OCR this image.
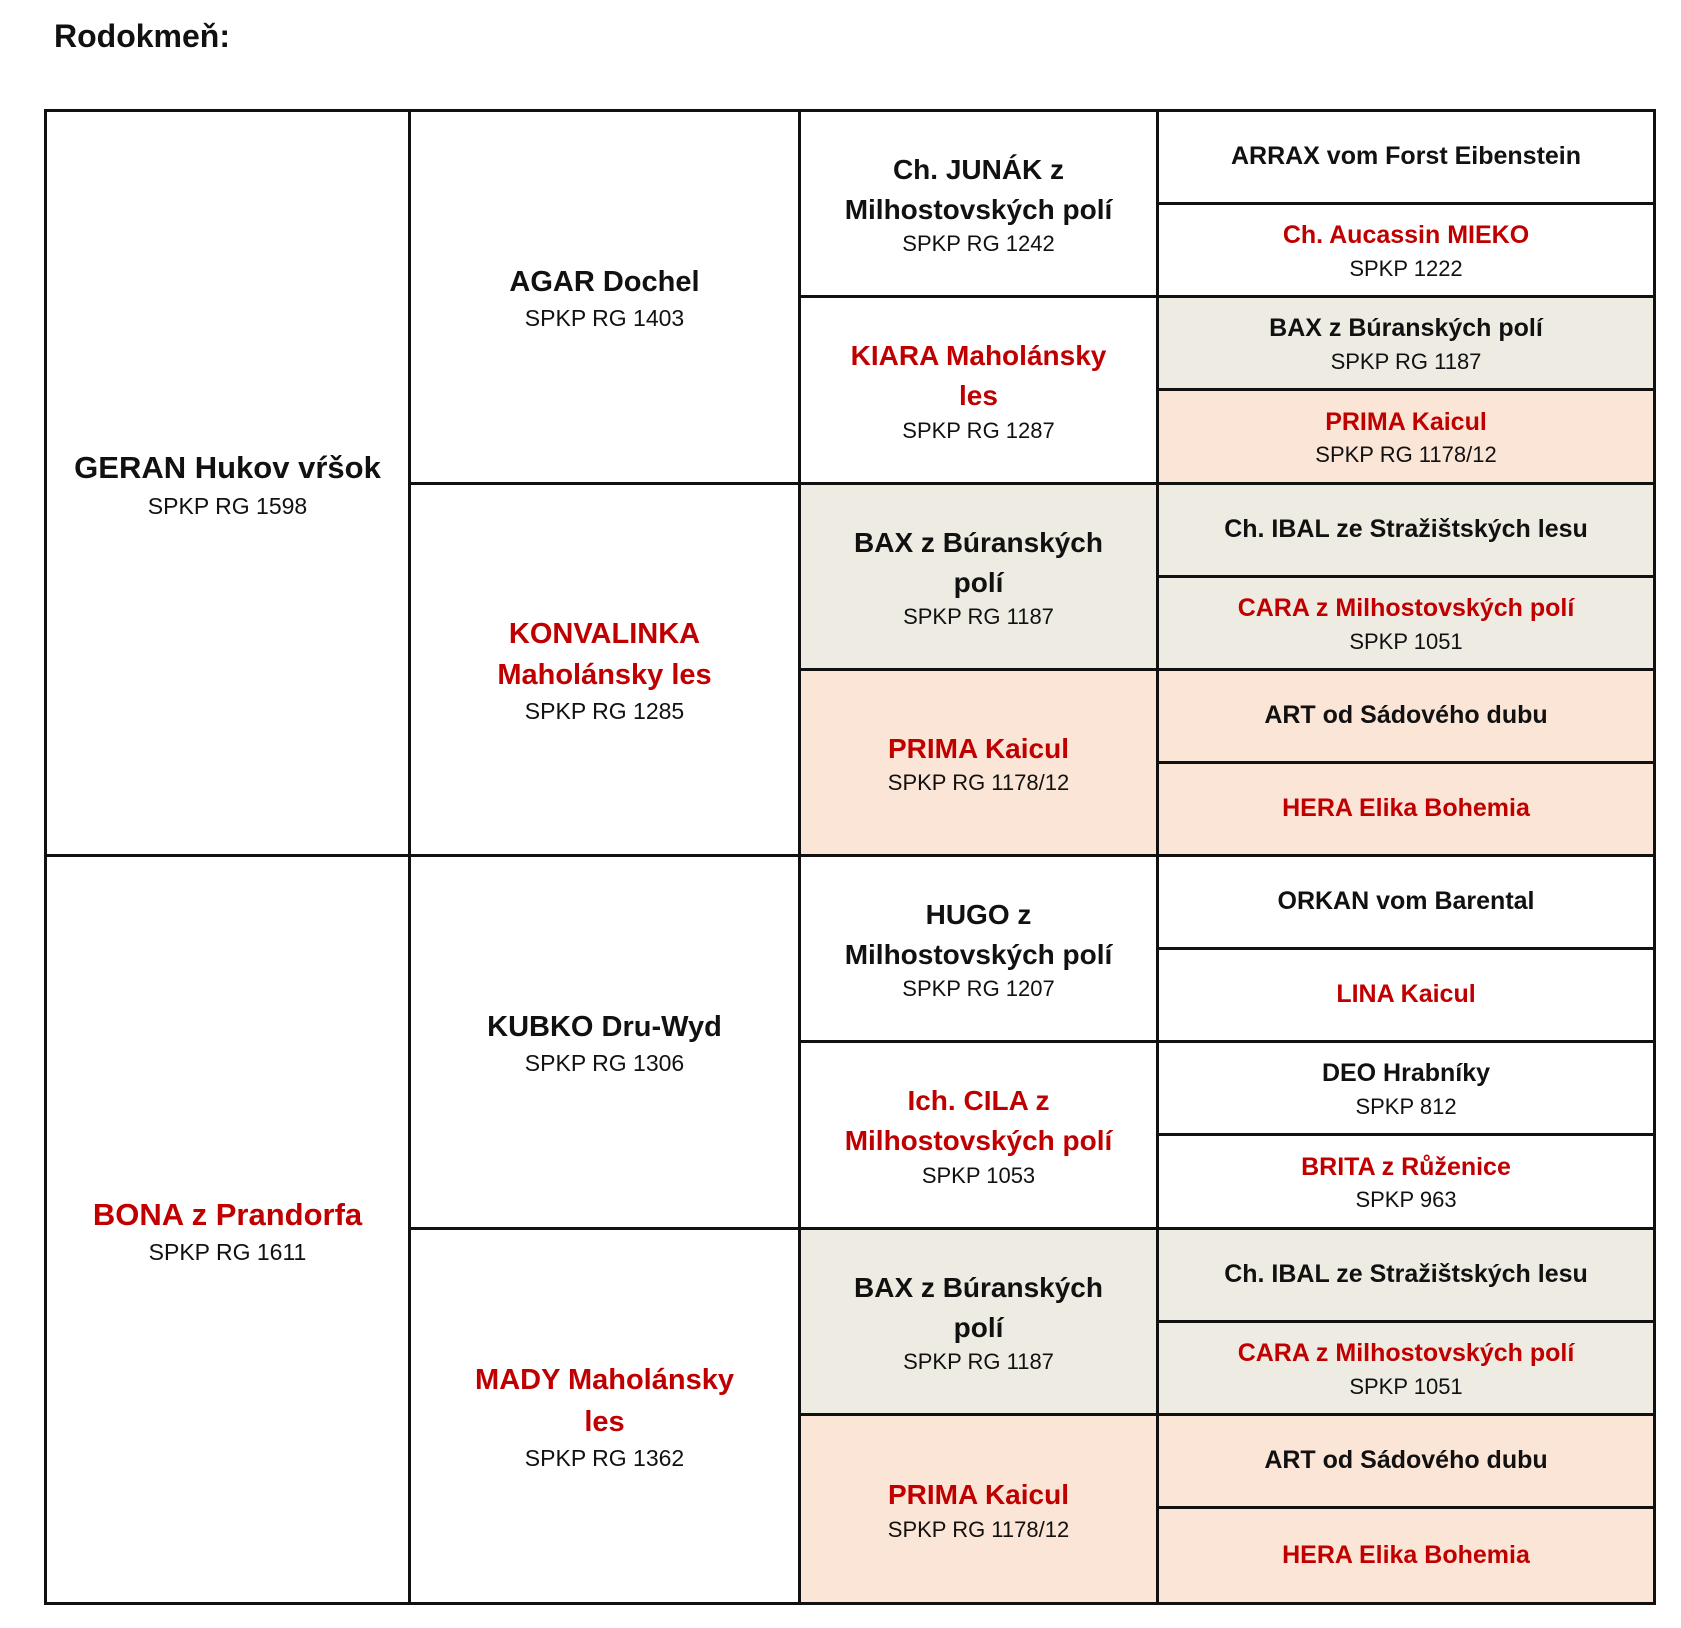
Rodokmeň:
GERAN Hukov vŕšok
SPKP RG 1598
BONA z Prandorfa
SPKP RG 1611
AGAR Dochel
SPKP RG 1403
KONVALINKA Maholánsky les
SPKP RG 1285
KUBKO Dru-Wyd
SPKP RG 1306
MADY Maholánsky les
SPKP RG 1362
Ch. JUNÁK z Milhostovských polí
SPKP RG 1242
KIARA Maholánsky les
SPKP RG 1287
BAX z Búranských polí
SPKP RG 1187
PRIMA Kaicul
SPKP RG 1178/12
HUGO z Milhostovských polí
SPKP RG 1207
Ich. CILA z Milhostovských polí
SPKP 1053
BAX z Búranských polí
SPKP RG 1187
PRIMA Kaicul
SPKP RG 1178/12
ARRAX vom Forst Eibenstein
Ch. Aucassin MIEKO
SPKP 1222
BAX z Búranských polí
SPKP RG 1187
PRIMA Kaicul
SPKP RG 1178/12
Ch. IBAL ze Stražištských lesu
CARA z Milhostovských polí
SPKP 1051
ART od Sádového dubu
HERA Elika Bohemia
ORKAN vom Barental
LINA Kaicul
DEO Hrabníky
SPKP 812
BRITA z Růženice
SPKP 963
Ch. IBAL ze Stražištských lesu
CARA z Milhostovských polí
SPKP 1051
ART od Sádového dubu
HERA Elika Bohemia
